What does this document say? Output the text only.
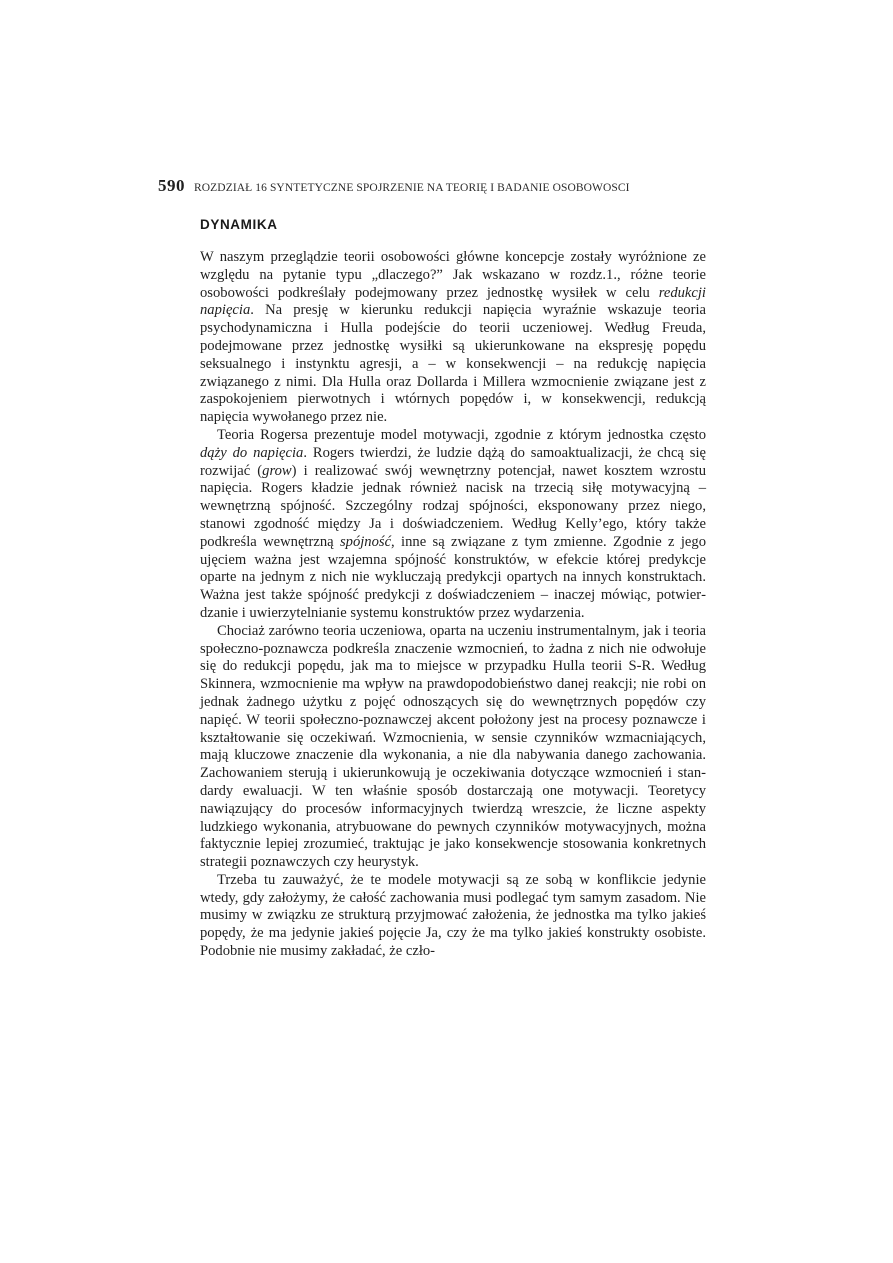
590 ROZDZIAŁ 16 SYNTETYCZNE SPOJRZENIE NA TEORIĘ I BADANIE OSOBOWOSCI
DYNAMIKA

W naszym przeglądzie teorii osobowości główne koncepcje zostały wyróżnione ze względu na pytanie typu „dlaczego?” Jak wskazano w rozdz.1., różne teorie osobowości podkreślały podejmowany przez jednostkę wysiłek w celu redukcji napięcia. Na presję w kierunku redukcji napięcia wyraźnie wskazuje teoria psychodynamiczna i Hulla podejście do teorii uczeniowej. Według Freuda, podejmowane przez jednostkę wysiłki są ukierunkowane na ekspresję popędu seksualnego i instynktu agresji, a – w konsekwencji – na redukcję napięcia związanego z nimi. Dla Hulla oraz Dollarda i Millera wzmocnienie związane jest z zaspokojeniem pierwotnych i wtórnych popędów i, w konsekwencji, redukcją napięcia wywołanego przez nie.

Teoria Rogersa prezentuje model motywacji, zgodnie z którym jednostka często dąży do napięcia. Rogers twierdzi, że ludzie dążą do samoaktualizacji, że chcą się rozwijać (grow) i realizować swój wewnętrzny potencjał, nawet kosztem wzrostu napięcia. Rogers kładzie jednak również nacisk na trzecią siłę motywacyjną – wewnętrzną spójność. Szczególny rodzaj spójności, eksponowany przez niego, stanowi zgodność między Ja i doświadczeniem. Według Kelly’ego, który także podkreśla wewnętrzną spójność, inne są związane z tym zmienne. Zgodnie z jego ujęciem ważna jest wzajemna spójność konstruktów, w efekcie której predykcje oparte na jednym z nich nie wykluczają predykcji opartych na innych konstruktach. Ważna jest także spójność predykcji z doświadczeniem – inaczej mówiąc, potwierdzanie i uwierzytelnianie systemu konstruktów przez wydarzenia.

Chociaż zarówno teoria uczeniowa, oparta na uczeniu instrumentalnym, jak i teoria społeczno-poznawcza podkreśla znaczenie wzmocnień, to żadna z nich nie odwołuje się do redukcji popędu, jak ma to miejsce w przypadku Hulla teorii S-R. Według Skinnera, wzmocnienie ma wpływ na prawdopodobieństwo danej reakcji; nie robi on jednak żadnego użytku z pojęć odnoszących się do wewnętrznych popędów czy napięć. W teorii społeczno-poznawczej akcent położony jest na procesy poznawcze i kształtowanie się oczekiwań. Wzmocnienia, w sensie czynników wzmacniających, mają kluczowe znaczenie dla wykonania, a nie dla nabywania danego zachowania. Zachowaniem sterują i ukierunkowują je oczekiwania dotyczące wzmocnień i standardy ewaluacji. W ten właśnie sposób dostarczają one motywacji. Teoretycy nawiązujący do procesów informacyjnych twierdzą wreszcie, że liczne aspekty ludzkiego wykonania, atrybuowane do pewnych czynników motywacyjnych, można faktycznie lepiej zrozumieć, traktując je jako konsekwencje stosowania konkretnych strategii poznawczych czy heurystyk.

Trzeba tu zauważyć, że te modele motywacji są ze sobą w konflikcie jedynie wtedy, gdy założymy, że całość zachowania musi podlegać tym samym zasadom. Nie musimy w związku ze strukturą przyjmować założenia, że jednostka ma tylko jakieś popędy, że ma jedynie jakieś pojęcie Ja, czy że ma tylko jakieś konstrukty osobiste. Podobnie nie musimy zakładać, że czło-
